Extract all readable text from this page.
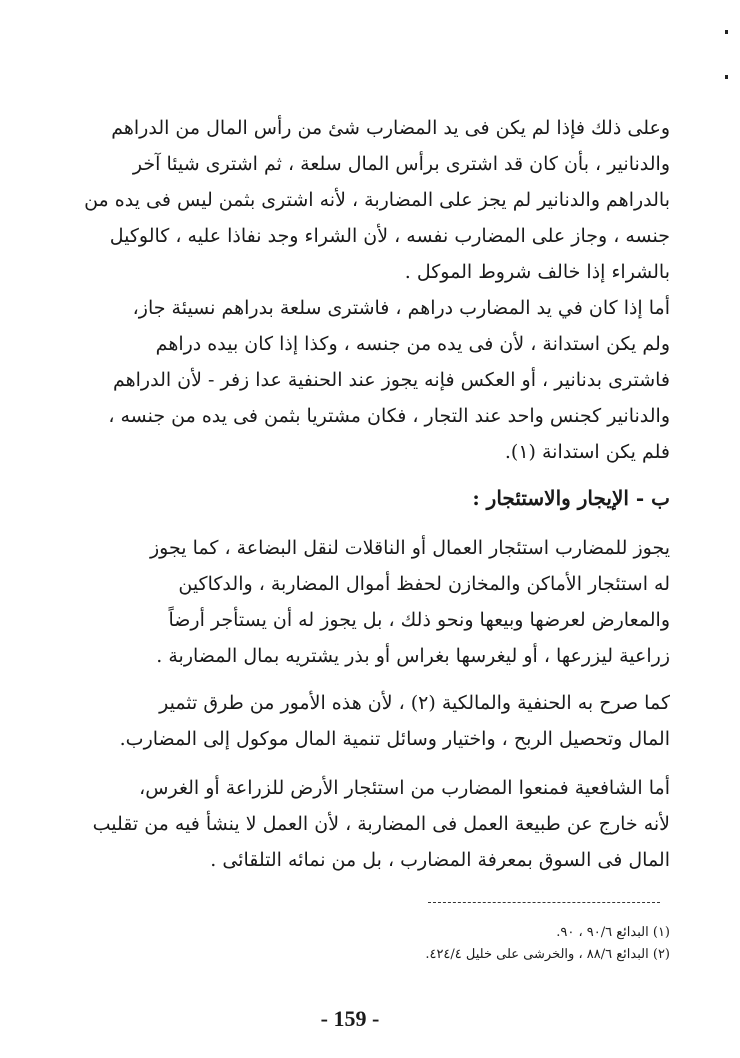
وعلى ذلك فإذا لم يكن فى يد المضارب شئ من رأس المال من الدراهم
والدنانير ، بأن كان قد اشترى برأس المال سلعة ، ثم اشترى شيئا آخر
بالدراهم والدنانير لم يجز على المضاربة ، لأنه اشترى بثمن ليس فى يده من
جنسه ، وجاز على المضارب نفسه ، لأن الشراء وجد نفاذا عليه ، كالوكيل
بالشراء إذا خالف شروط الموكل .
أما إذا كان في يد المضارب دراهم ، فاشترى سلعة بدراهم نسيئة جاز،
ولم يكن استدانة ، لأن فى يده من جنسه ، وكذا إذا كان بيده دراهم
فاشترى بدنانير ، أو العكس فإنه يجوز عند الحنفية عدا زفر - لأن الدراهم
والدنانير كجنس واحد عند التجار ، فكان مشتريا بثمن فى يده من جنسه ،
فلم يكن استدانة (١).
ب - الإيجار والاستئجار :
يجوز للمضارب استئجار العمال أو الناقلات لنقل البضاعة ، كما يجوز
له استئجار الأماكن والمخازن لحفظ أموال المضاربة ، والدكاكين
والمعارض لعرضها وبيعها ونحو ذلك ، بل يجوز له أن يستأجر أرضاً
زراعية ليزرعها ، أو ليغرسها بغراس أو بذر يشتريه بمال المضاربة .
كما صرح به الحنفية والمالكية (٢) ، لأن هذه الأمور من طرق تثمير
المال وتحصيل الربح ، واختيار وسائل تنمية المال موكول إلى المضارب.
أما الشافعية فمنعوا المضارب من استئجار الأرض للزراعة أو الغرس،
لأنه خارج عن طبيعة العمل فى المضاربة ، لأن العمل لا ينشأ فيه من تقليب
المال فى السوق بمعرفة المضارب ، بل من نمائه التلقائى .
(١) البدائع ٩٠/٦ ، ٩٠.
(٢) البدائع ٨٨/٦ ، والخرشى على خليل ٤٢٤/٤.
- 159 -
